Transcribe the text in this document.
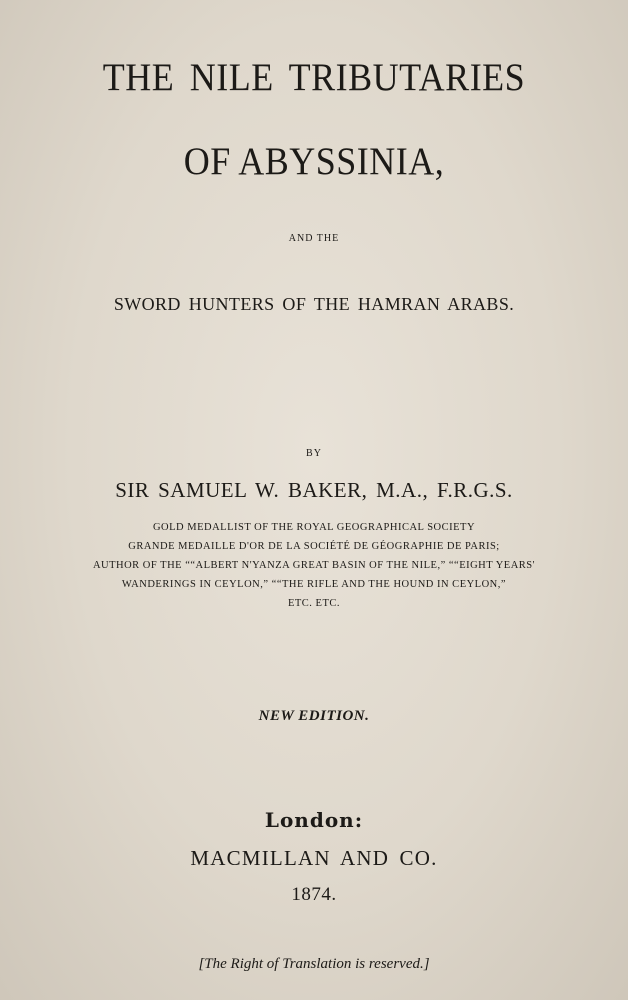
THE NILE TRIBUTARIES
OF ABYSSINIA,
AND THE
SWORD HUNTERS OF THE HAMRAN ARABS.
BY
SIR SAMUEL W. BAKER, M.A., F.R.G.S.
GOLD MEDALLIST OF THE ROYAL GEOGRAPHICAL SOCIETY
GRANDE MEDAILLE D'OR DE LA SOCIÉTÉ DE GÉOGRAPHIE DE PARIS;
AUTHOR OF THE ““ALBERT N'YANZA GREAT BASIN OF THE NILE,” ““EIGHT YEARS'
WANDERINGS IN CEYLON,” ““THE RIFLE AND THE HOUND IN CEYLON,”
ETC. ETC.
NEW EDITION.
London:
MACMILLAN AND CO.
1874.
[The Right of Translation is reserved.]
